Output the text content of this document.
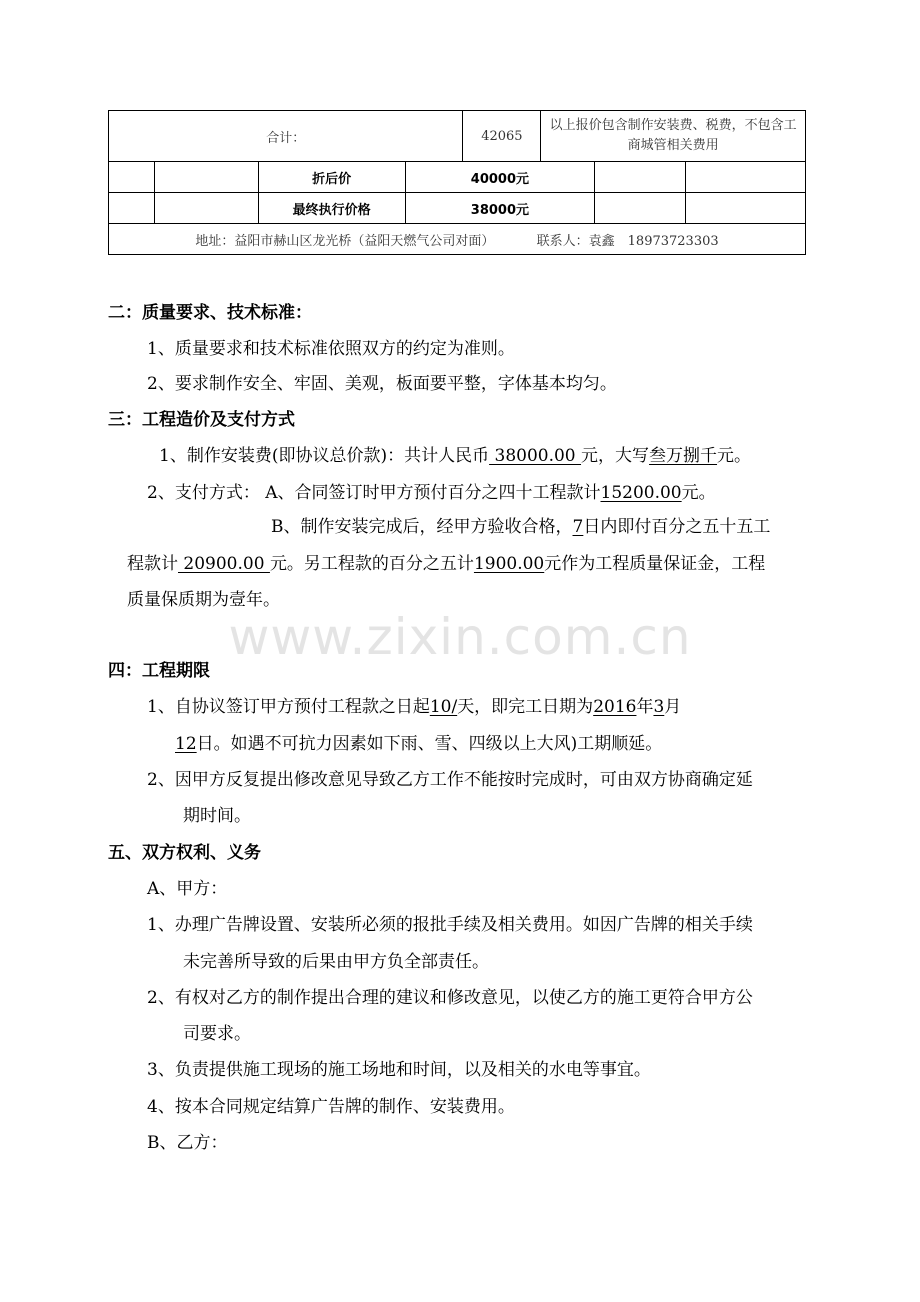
合计：				42065	以上报价包含制作安装费、税费，不包含工商城管相关费用		
		折后价	40000元				
		最终执行价格	38000元				
地址：益阳市赫山区龙光桥（益阳天燃气公司对面） 联系人：袁鑫　18973723303							
www.zixin.com.cn
二：质量要求、技术标准：
1、质量要求和技术标准依照双方的约定为准则。
2、要求制作安全、牢固、美观，板面要平整，字体基本均匀。
三：工程造价及支付方式
1、制作安装费(即协议总价款)：共计人民币 38000.00 元，大写叁万捌千元。
2、支付方式： A、合同签订时甲方预付百分之四十工程款计15200.00元。
B、制作安装完成后，经甲方验收合格，7日内即付百分之五十五工
程款计 20900.00 元。另工程款的百分之五计1900.00元作为工程质量保证金，工程
质量保质期为壹年。
四：工程期限
1、自协议签订甲方预付工程款之日起10/天，即完工日期为2016年3月
12日。如遇不可抗力因素如下雨、雪、四级以上大风)工期顺延。
2、因甲方反复提出修改意见导致乙方工作不能按时完成时，可由双方协商确定延
期时间。
五、双方权利、义务
A、甲方：
1、办理广告牌设置、安装所必须的报批手续及相关费用。如因广告牌的相关手续
未完善所导致的后果由甲方负全部责任。
2、有权对乙方的制作提出合理的建议和修改意见，以使乙方的施工更符合甲方公
司要求。
3、负责提供施工现场的施工场地和时间，以及相关的水电等事宜。
4、按本合同规定结算广告牌的制作、安装费用。
B、乙方：
